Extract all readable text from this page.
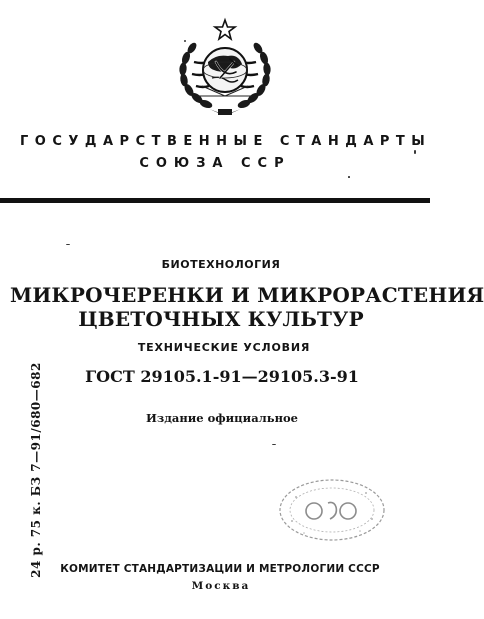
ГОСУДАРСТВЕННЫЕ СТАНДАРТЫ
СОЮЗА ССР
БИОТЕХНОЛОГИЯ
МИКРОЧЕРЕНКИ И МИКРОРАСТЕНИЯ
ЦВЕТОЧНЫХ КУЛЬТУР
ТЕХНИЧЕСКИЕ УСЛОВИЯ
ГОСТ 29105.1-91—29105.3-91
Издание официальное
24 р. 75 к. БЗ 7—91/680—682	КОМИТЕТ СТАНДАРТИЗАЦИИ И МЕТРОЛОГИИ СССР
Москва
